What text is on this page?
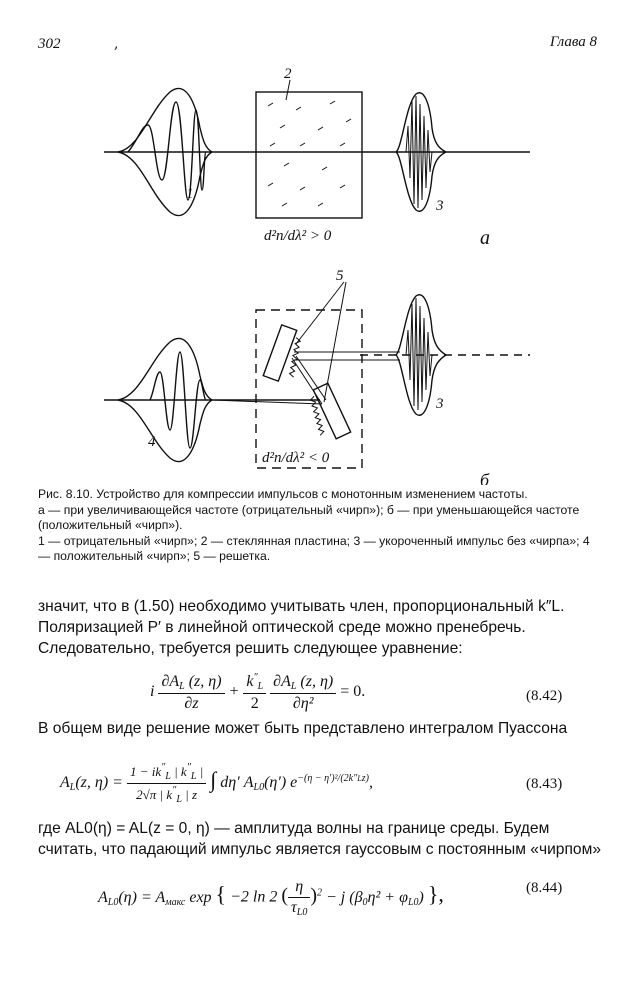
302	,	Глава 8
1
2
3
3
4
5
d²n/dλ² > 0
d²n/dλ² < 0
а
б

Рис. 8.10. Устройство для компрессии импульсов с монотонным изменением частоты.

а — при увеличивающейся частоте (отрицательный «чирп»); б — при уменьшающейся частоте (положительный «чирп»).

1 — отрицательный «чирп»; 2 — стеклянная пластина; 3 — укороченный импульс без «чирпа»; 4 — положительный «чирп»; 5 — решетка.

значит, что в (1.50) необходимо учитывать член, пропорциональный k″L. Поляризацией P′ в линейной оптической среде можно пренебречь. Следовательно, требуется решить следующее уравнение:
i $\frac{\partial A_L (z, \eta)}{\partial z} + \frac{k''_L}{2}$
$\frac{\partial A_L (z, \eta)}{\text{∂η²}} = 0$.	(8.42)
В общем виде решение может быть представлено интегралом Пуассона
$A_L(z$, $\eta) = \frac{1 - ik''_L | k''_L |}{2√\pi | k''_L | z}$ ∫ dη′ $A_{L0}(\eta')$ $e^{-(\eta - \eta')^2/(2k''Lz)}$,	(8.43)
где AL0(η) = AL(z = 0, η) — амплитуда волны на границе среды. Будем считать, что падающий импульс является гауссовым с постоянным «чирпом»
$A_{L0}(\eta) = A_{макс}$ exp { −2 ln 2 ( $\frac{\eta}{\tau_{L0}} )^2 - j$ $(\beta_0\eta^2 + \varphi_{L0})$ },	(8.44)
